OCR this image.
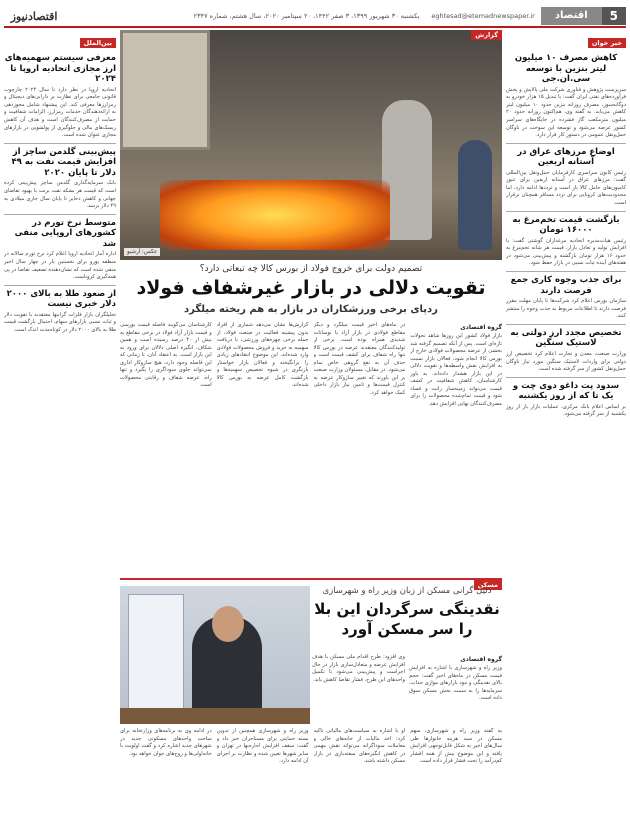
5
اقتصاد
eghtesad@etemadnewspaper.ir
یکشنبه ۳۰ شهریور ۱۳۹۹، ۳ صفر ۱۴۴۲، ۲۰ سپتامبر ۲۰۲۰، سال هشتم، شماره ۲۳۴۷
اقتصادنیوز
خبر خوان
کاهش مصرف ۱۰ میلیون لیتر بنزین با توسعه سی.ان.جی
سرپرست پژوهش و فناوری شرکت ملی پالایش و پخش فرآورده‌های نفتی ایران گفت: با تبدیل ۱۵ هزار خودرو به دوگانه‌سوز، مصرف روزانه بنزین حدود ۱۰ میلیون لیتر کاهش می‌یابد. به گفته وی، هم‌اکنون روزانه حدود ۲۰ میلیون مترمکعب گاز فشرده در جایگاه‌های سراسر کشور عرضه می‌شود و توسعه این سوخت در ناوگان حمل‌ونقل عمومی در دستور کار قرار دارد.
اوضاع مرزهای عراق در آستانه اربعین
رئیس کانون سراسری کارفرمایان حمل‌ونقل بین‌المللی گفت: مرزهای عراق در آستانه اربعین برای عبور کامیون‌های حامل کالا باز است و ترددها ادامه دارد، اما محدودیت‌های کرونایی برای تردد مسافر همچنان برقرار است.
بازگشت قیمت تخم‌مرغ به ۱۶۰۰۰ تومان
رئیس هیات‌مدیره اتحادیه مرغداران گوشتی گفت: با افزایش تولید و تعادل بازار، قیمت هر شانه تخم‌مرغ به حدود ۱۶ هزار تومان بازگشته و پیش‌بینی می‌شود در هفته‌های آینده ثبات نسبی در بازار حفظ شود.
برای جذب وجوه کاری جمع فرصت دارند
سازمان بورس اعلام کرد شرکت‌ها تا پایان مهلت مقرر فرصت دارند تا اطلاعات مربوط به جذب وجوه را منتشر کنند.
تخصیص مجدد ارز دولتی به لاستیک سنگین
وزارت صنعت، معدن و تجارت اعلام کرد تخصیص ارز دولتی برای واردات لاستیک سنگین مورد نیاز ناوگان حمل‌ونقل کشور از سر گرفته شده است.
سدود پت داغو دوی چت و یک تا که از روز یکشنبه
بر اساس اعلام بانک مرکزی، عملیات بازار باز از روز یکشنبه از سر گرفته می‌شود.
بین‌الملل
معرفی سیستم سهمیه‌های ارز مجازی اتحادیه اروپا تا ۲۰۲۴
اتحادیه اروپا در نظر دارد تا سال ۲۰۲۴ چارچوب قانونی جامعی برای نظارت بر دارایی‌های دیجیتال و رمزارزها معرفی کند. این پیشنهاد شامل مجوزدهی به ارائه‌دهندگان خدمات رمزارز، الزامات شفافیت و حمایت از مصرف‌کنندگان است و هدف آن کاهش ریسک‌های مالی و جلوگیری از پولشویی در بازارهای مجازی عنوان شده است.
پیش‌بینی گلدمن ساچز از افزایش قیمت نفت به ۴۹ دلار تا پایان ۲۰۲۰
بانک سرمایه‌گذاری گلدمن ساچز پیش‌بینی کرده است که قیمت هر بشکه نفت برنت با بهبود تقاضای جهانی و کاهش ذخایر تا پایان سال جاری میلادی به ۴۹ دلار برسد.
متوسط نرخ تورم در کشورهای اروپایی منفی شد
اداره آمار اتحادیه اروپا اعلام کرد نرخ تورم سالانه در منطقه یورو برای نخستین بار در چهار سال اخیر منفی شده است که نشان‌دهنده تضعیف تقاضا در پی همه‌گیری کروناست.
از صعود طلا به بالای ۲۰۰۰ دلار خبری نیست
تحلیلگران بازار فلزات گرانبها معتقدند با تقویت دلار و ثبات نسبی بازارهای سهام، احتمال بازگشت قیمت طلا به بالای ۲۰۰۰ دلار در کوتاه‌مدت اندک است.
گزارش
عکس: آرشیو
تصمیم دولت برای خروج فولاد از بورس کالا چه تبعاتی دارد؟
تقویت دلالی در بازار غیرشفاف فولاد
ردپای برخی ورزشکاران در بازار به هم ریخته میلگرد
گروه اقتصادی
بازار فولاد کشور این روزها شاهد تحولات تازه‌ای است. پس از آنکه تصمیم گرفته شد بخشی از عرضه محصولات فولادی خارج از بورس کالا انجام شود، فعالان بازار نسبت به افزایش نقش واسطه‌ها و تقویت دلالی در این بازار هشدار داده‌اند. به باور کارشناسان، کاهش شفافیت در کشف قیمت می‌تواند زمینه‌ساز رانت و فساد شود و قیمت تمام‌شده محصولات را برای مصرف‌کنندگان نهایی افزایش دهد.
در ماه‌های اخیر قیمت میلگرد و دیگر مقاطع فولادی در بازار آزاد با نوسانات شدیدی همراه بوده است. برخی از تولیدکنندگان معتقدند عرضه در بورس کالا تنها راه شفاف برای کشف قیمت است و حذف آن به نفع گروهی خاص تمام می‌شود. در مقابل، مسئولان وزارت صنعت بر این باورند که تغییر سازوکار عرضه به کنترل قیمت‌ها و تامین نیاز بازار داخلی کمک خواهد کرد.
گزارش‌ها نشان می‌دهد شماری از افراد بدون پیشینه فعالیت در صنعت فولاد، از جمله برخی چهره‌های ورزشی، با دریافت سهمیه به خرید و فروش محصولات فولادی وارد شده‌اند. این موضوع انتقادهای زیادی را برانگیخته و فعالان بازار خواستار بازنگری در شیوه تخصیص سهمیه‌ها و بازگشت کامل عرضه به بورس کالا شده‌اند.
کارشناسان می‌گویند فاصله قیمت بورسی و قیمت بازار آزاد فولاد در برخی مقاطع به بیش از ۴۰ درصد رسیده است و همین شکاف، انگیزه اصلی دلالان برای ورود به این بازار است. به اعتقاد آنان، تا زمانی که این فاصله وجود دارد، هیچ سازوکار اداری نمی‌تواند جلوی سوداگری را بگیرد و تنها راه، عرضه شفاف و رقابتی محصولات است.
مسکن
دلیل گرانی مسکن از زبان وزیر راه و شهرسازی
نقدینگی سرگردان این بلا را سر مسکن آورد
گروه اقتصادی
وزیر راه و شهرسازی با اشاره به افزایش قیمت مسکن در ماه‌های اخیر گفت: حجم بالای نقدینگی و نبود بازارهای موازی جذاب، سرمایه‌ها را به سمت بخش مسکن سوق داده است.
وی افزود: طرح اقدام ملی مسکن با هدف افزایش عرضه و متعادل‌سازی بازار در حال اجراست و پیش‌بینی می‌شود با تکمیل واحدهای این طرح، فشار تقاضا کاهش یابد.
به گفته وزیر راه و شهرسازی، سهم مسکن در سبد هزینه خانوارها طی سال‌های اخیر به شکل قابل‌توجهی افزایش یافته و این موضوع بیش از همه اقشار کم‌درآمد را تحت فشار قرار داده است.
او با اشاره به سیاست‌های مالیاتی تاکید کرد: اخذ مالیات از خانه‌های خالی و معاملات سوداگرانه می‌تواند نقش مهمی در کاهش انگیزه‌های سفته‌بازی در بازار مسکن داشته باشد.
وزیر راه و شهرسازی همچنین از تدوین بسته حمایتی برای مستاجران خبر داد و گفت: سقف افزایش اجاره‌بها در تهران و سایر شهرها تعیین شده و نظارت بر اجرای آن ادامه دارد.
در ادامه وی به برنامه‌های وزارتخانه برای ساخت واحدهای مسکونی جدید در شهرهای جدید اشاره کرد و گفت اولویت با خانه‌اولی‌ها و زوج‌های جوان خواهد بود.
